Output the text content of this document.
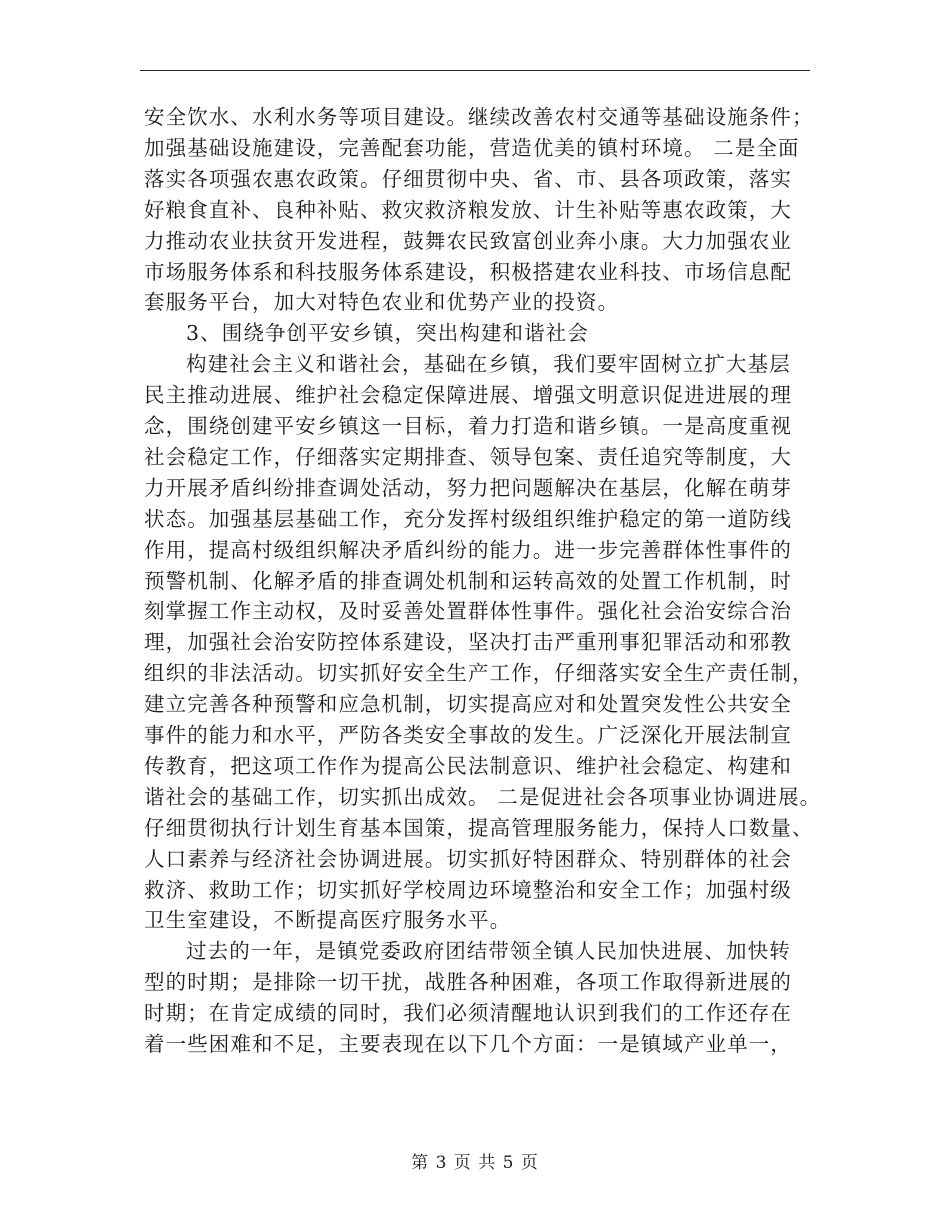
安全饮水、水利水务等项目建设。继续改善农村交通等基础设施条件；
加强基础设施建设，完善配套功能，营造优美的镇村环境。 二是全面
落实各项强农惠农政策。仔细贯彻中央、省、市、县各项政策，落实
好粮食直补、良种补贴、救灾救济粮发放、计生补贴等惠农政策，大
力推动农业扶贫开发进程，鼓舞农民致富创业奔小康。大力加强农业
市场服务体系和科技服务体系建设，积极搭建农业科技、市场信息配
套服务平台，加大对特色农业和优势产业的投资。
3、围绕争创平安乡镇，突出构建和谐社会
构建社会主义和谐社会，基础在乡镇，我们要牢固树立扩大基层
民主推动进展、维护社会稳定保障进展、增强文明意识促进进展的理
念，围绕创建平安乡镇这一目标，着力打造和谐乡镇。一是高度重视
社会稳定工作，仔细落实定期排查、领导包案、责任追究等制度，大
力开展矛盾纠纷排查调处活动，努力把问题解决在基层，化解在萌芽
状态。加强基层基础工作，充分发挥村级组织维护稳定的第一道防线
作用，提高村级组织解决矛盾纠纷的能力。进一步完善群体性事件的
预警机制、化解矛盾的排查调处机制和运转高效的处置工作机制，时
刻掌握工作主动权，及时妥善处置群体性事件。强化社会治安综合治
理，加强社会治安防控体系建设，坚决打击严重刑事犯罪活动和邪教
组织的非法活动。切实抓好安全生产工作，仔细落实安全生产责任制，
建立完善各种预警和应急机制，切实提高应对和处置突发性公共安全
事件的能力和水平，严防各类安全事故的发生。广泛深化开展法制宣
传教育，把这项工作作为提高公民法制意识、维护社会稳定、构建和
谐社会的基础工作，切实抓出成效。 二是促进社会各项事业协调进展。
仔细贯彻执行计划生育基本国策，提高管理服务能力，保持人口数量、
人口素养与经济社会协调进展。切实抓好特困群众、特别群体的社会
救济、救助工作；切实抓好学校周边环境整治和安全工作；加强村级
卫生室建设，不断提高医疗服务水平。
过去的一年，是镇党委政府团结带领全镇人民加快进展、加快转
型的时期；是排除一切干扰，战胜各种困难，各项工作取得新进展的
时期；在肯定成绩的同时，我们必须清醒地认识到我们的工作还存在
着一些困难和不足，主要表现在以下几个方面：一是镇域产业单一，
第 3 页 共 5 页
